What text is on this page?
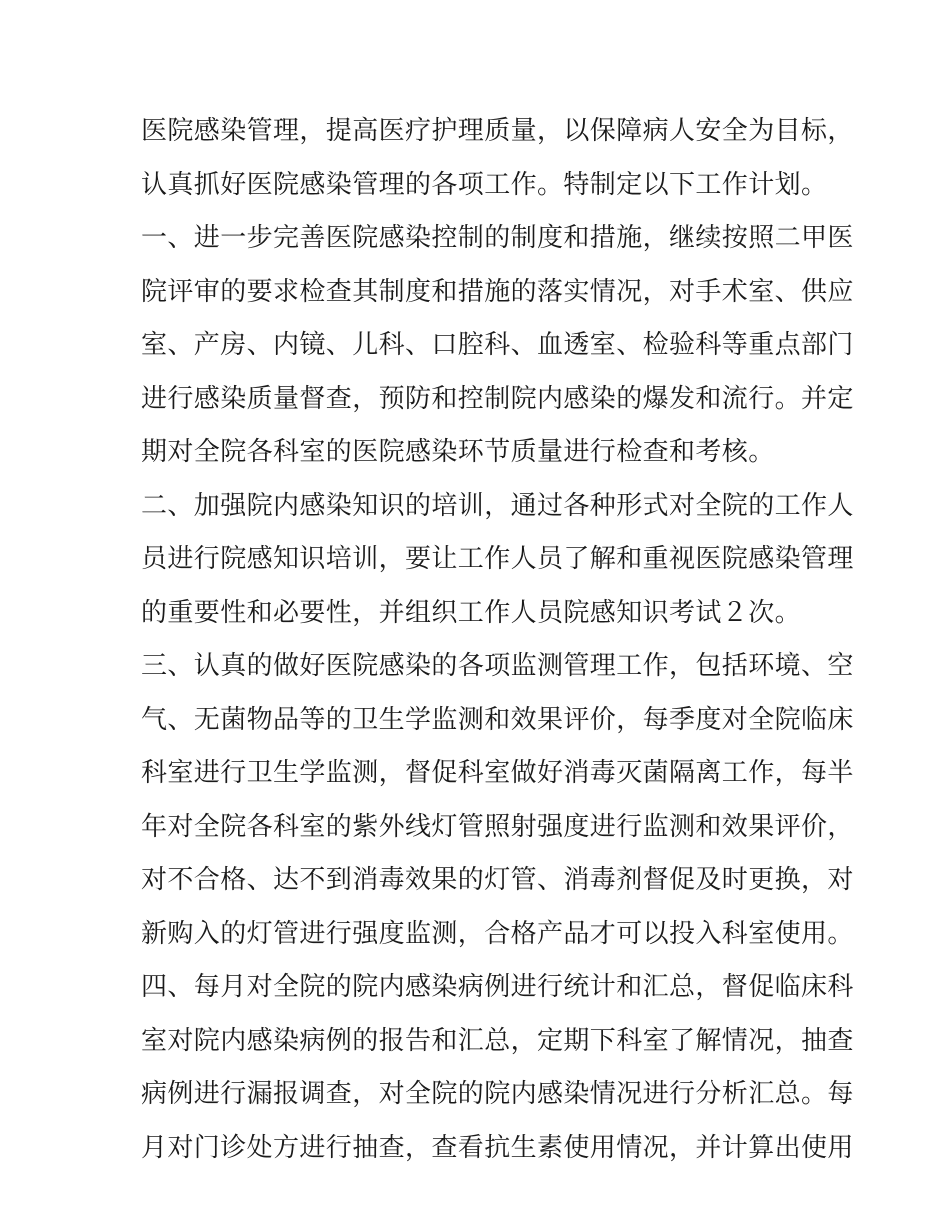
医院感染管理，提高医疗护理质量，以保障病人安全为目标，
认真抓好医院感染管理的各项工作。特制定以下工作计划。
一、进一步完善医院感染控制的制度和措施，继续按照二甲医
院评审的要求检查其制度和措施的落实情况，对手术室、供应
室、产房、内镜、儿科、口腔科、血透室、检验科等重点部门
进行感染质量督查，预防和控制院内感染的爆发和流行。并定
期对全院各科室的医院感染环节质量进行检查和考核。
二、加强院内感染知识的培训，通过各种形式对全院的工作人
员进行院感知识培训，要让工作人员了解和重视医院感染管理
的重要性和必要性，并组织工作人员院感知识考试２次。
三、认真的做好医院感染的各项监测管理工作，包括环境、空
气、无菌物品等的卫生学监测和效果评价，每季度对全院临床
科室进行卫生学监测，督促科室做好消毒灭菌隔离工作，每半
年对全院各科室的紫外线灯管照射强度进行监测和效果评价，
对不合格、达不到消毒效果的灯管、消毒剂督促及时更换，对
新购入的灯管进行强度监测，合格产品才可以投入科室使用。
四、每月对全院的院内感染病例进行统计和汇总，督促临床科
室对院内感染病例的报告和汇总，定期下科室了解情况，抽查
病例进行漏报调查，对全院的院内感染情况进行分析汇总。每
月对门诊处方进行抽查，查看抗生素使用情况，并计算出使用
